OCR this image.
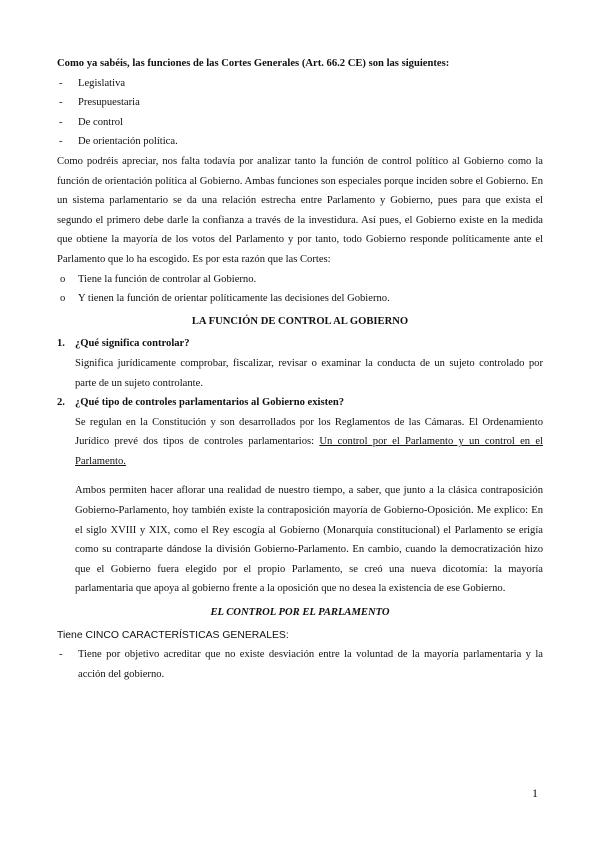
Como ya sabéis, las funciones de las Cortes Generales (Art. 66.2 CE) son las siguientes:

- Legislativa
- Presupuestaria
- De control
- De orientación política.

Como podréis apreciar, nos falta todavía por analizar tanto la función de control político al Gobierno como la función de orientación política al Gobierno. Ambas funciones son especiales porque inciden sobre el Gobierno. En un sistema parlamentario se da una relación estrecha entre Parlamento y Gobierno, pues para que exista el segundo el primero debe darle la confianza a través de la investidura. Así pues, el Gobierno existe en la medida que obtiene la mayoría de los votos del Parlamento y por tanto, todo Gobierno responde políticamente ante el Parlamento que lo ha escogido. Es por esta razón que las Cortes:

o Tiene la función de controlar al Gobierno.
o Y tienen la función de orientar políticamente las decisiones del Gobierno.

LA FUNCIÓN DE CONTROL AL GOBIERNO

1. ¿Qué significa controlar?

Significa jurídicamente comprobar, fiscalizar, revisar o examinar la conducta de un sujeto controlado por parte de un sujeto controlante.

2. ¿Qué tipo de controles parlamentarios al Gobierno existen?

Se regulan en la Constitución y son desarrollados por los Reglamentos de las Cámaras. El Ordenamiento Jurídico prevé dos tipos de controles parlamentarios: Un control por el Parlamento y un control en el Parlamento.

Ambos permiten hacer aflorar una realidad de nuestro tiempo, a saber, que junto a la clásica contraposición Gobierno-Parlamento, hoy también existe la contraposición mayoría de Gobierno-Oposición. Me explico: En el siglo XVIII y XIX, como el Rey escogía al Gobierno (Monarquía constitucional) el Parlamento se erigía como su contraparte dándose la división Gobierno-Parlamento. En cambio, cuando la democratización hizo que el Gobierno fuera elegido por el propio Parlamento, se creó una nueva dicotomía: la mayoría parlamentaria que apoya al gobierno frente a la oposición que no desea la existencia de ese Gobierno.

EL CONTROL POR EL PARLAMENTO

Tiene CINCO CARACTERÍSTICAS GENERALES:

- Tiene por objetivo acreditar que no existe desviación entre la voluntad de la mayoría parlamentaria y la acción del gobierno.
1
